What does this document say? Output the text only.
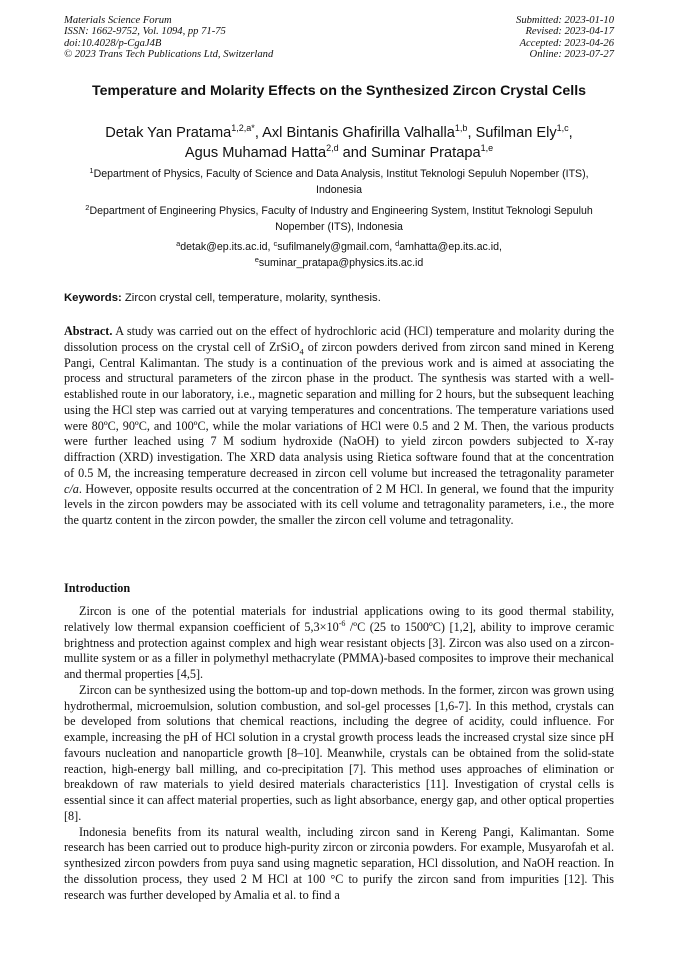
Materials Science Forum
ISSN: 1662-9752, Vol. 1094, pp 71-75
doi:10.4028/p-CgaJ4B
© 2023 Trans Tech Publications Ltd, Switzerland
Submitted: 2023-01-10
Revised: 2023-04-17
Accepted: 2023-04-26
Online: 2023-07-27
Temperature and Molarity Effects on the Synthesized Zircon Crystal Cells
Detak Yan Pratama$^{1,2,a*}$, Axl Bintanis Ghafirilla Valhalla$^{1,b}$, Sufilman Ely$^{1,c}$,
Agus Muhamad Hatta$^{2,d}$ and Suminar Pratapa$^{1,e}$
$^1$Department of Physics, Faculty of Science and Data Analysis, Institut Teknologi Sepuluh Nopember (ITS), Indonesia
$^2$Department of Engineering Physics, Faculty of Industry and Engineering System, Institut Teknologi Sepuluh Nopember (ITS), Indonesia
$^a$detak@ep.its.ac.id, $^c$sufilmanely@gmail.com, $^d$amhatta@ep.its.ac.id,
$^e$suminar_pratapa@physics.its.ac.id
Keywords: Zircon crystal cell, temperature, molarity, synthesis.

Abstract. A study was carried out on the effect of hydrochloric acid (HCl) temperature and molarity during the dissolution process on the crystal cell of ZrSiO$_4$ of zircon powders derived from zircon sand mined in Kereng Pangi, Central Kalimantan. The study is a continuation of the previous work and is aimed at associating the process and structural parameters of the zircon phase in the product. The synthesis was started with a well-established route in our laboratory, i.e., magnetic separation and milling for 2 hours, but the subsequent leaching using the HCl step was carried out at varying temperatures and concentrations. The temperature variations used were 80ºC, 90ºC, and 100ºC, while the molar variations of HCl were 0.5 and 2 M. Then, the various products were further leached using 7 M sodium hydroxide (NaOH) to yield zircon powders subjected to X-ray diffraction (XRD) investigation. The XRD data analysis using Rietica software found that at the concentration of 0.5 M, the increasing temperature decreased in zircon cell volume but increased the tetragonality parameter c/a. However, opposite results occurred at the concentration of 2 M HCl. In general, we found that the impurity levels in the zircon powders may be associated with its cell volume and tetragonality parameters, i.e., the more the quartz content in the zircon powder, the smaller the zircon cell volume and tetragonality.

Introduction

Zircon is one of the potential materials for industrial applications owing to its good thermal stability, relatively low thermal expansion coefficient of $5,3\times 10^{-6}$ /ºC (25 to 1500ºC) [1,2], ability to improve ceramic brightness and protection against complex and high wear resistant objects [3]. Zircon was also used on a zircon-mullite system or as a filler in polymethyl methacrylate (PMMA)-based composites to improve their mechanical and thermal properties [4,5].

Zircon can be synthesized using the bottom-up and top-down methods. In the former, zircon was grown using hydrothermal, microemulsion, solution combustion, and sol-gel processes [1,6-7]. In this method, crystals can be developed from solutions that chemical reactions, including the degree of acidity, could influence. For example, increasing the pH of HCl solution in a crystal growth process leads the increased crystal size since pH favours nucleation and nanoparticle growth [8–10]. Meanwhile, crystals can be obtained from the solid-state reaction, high-energy ball milling, and co-precipitation [7]. This method uses approaches of elimination or breakdown of raw materials to yield desired materials characteristics [11]. Investigation of crystal cells is essential since it can affect material properties, such as light absorbance, energy gap, and other optical properties [8].

Indonesia benefits from its natural wealth, including zircon sand in Kereng Pangi, Kalimantan. Some research has been carried out to produce high-purity zircon or zirconia powders. For example, Musyarofah et al. synthesized zircon powders from puya sand using magnetic separation, HCl dissolution, and NaOH reaction. In the dissolution process, they used 2 M HCl at 100 °C to purify the zircon sand from impurities [12]. This research was further developed by Amalia et al. to find a
